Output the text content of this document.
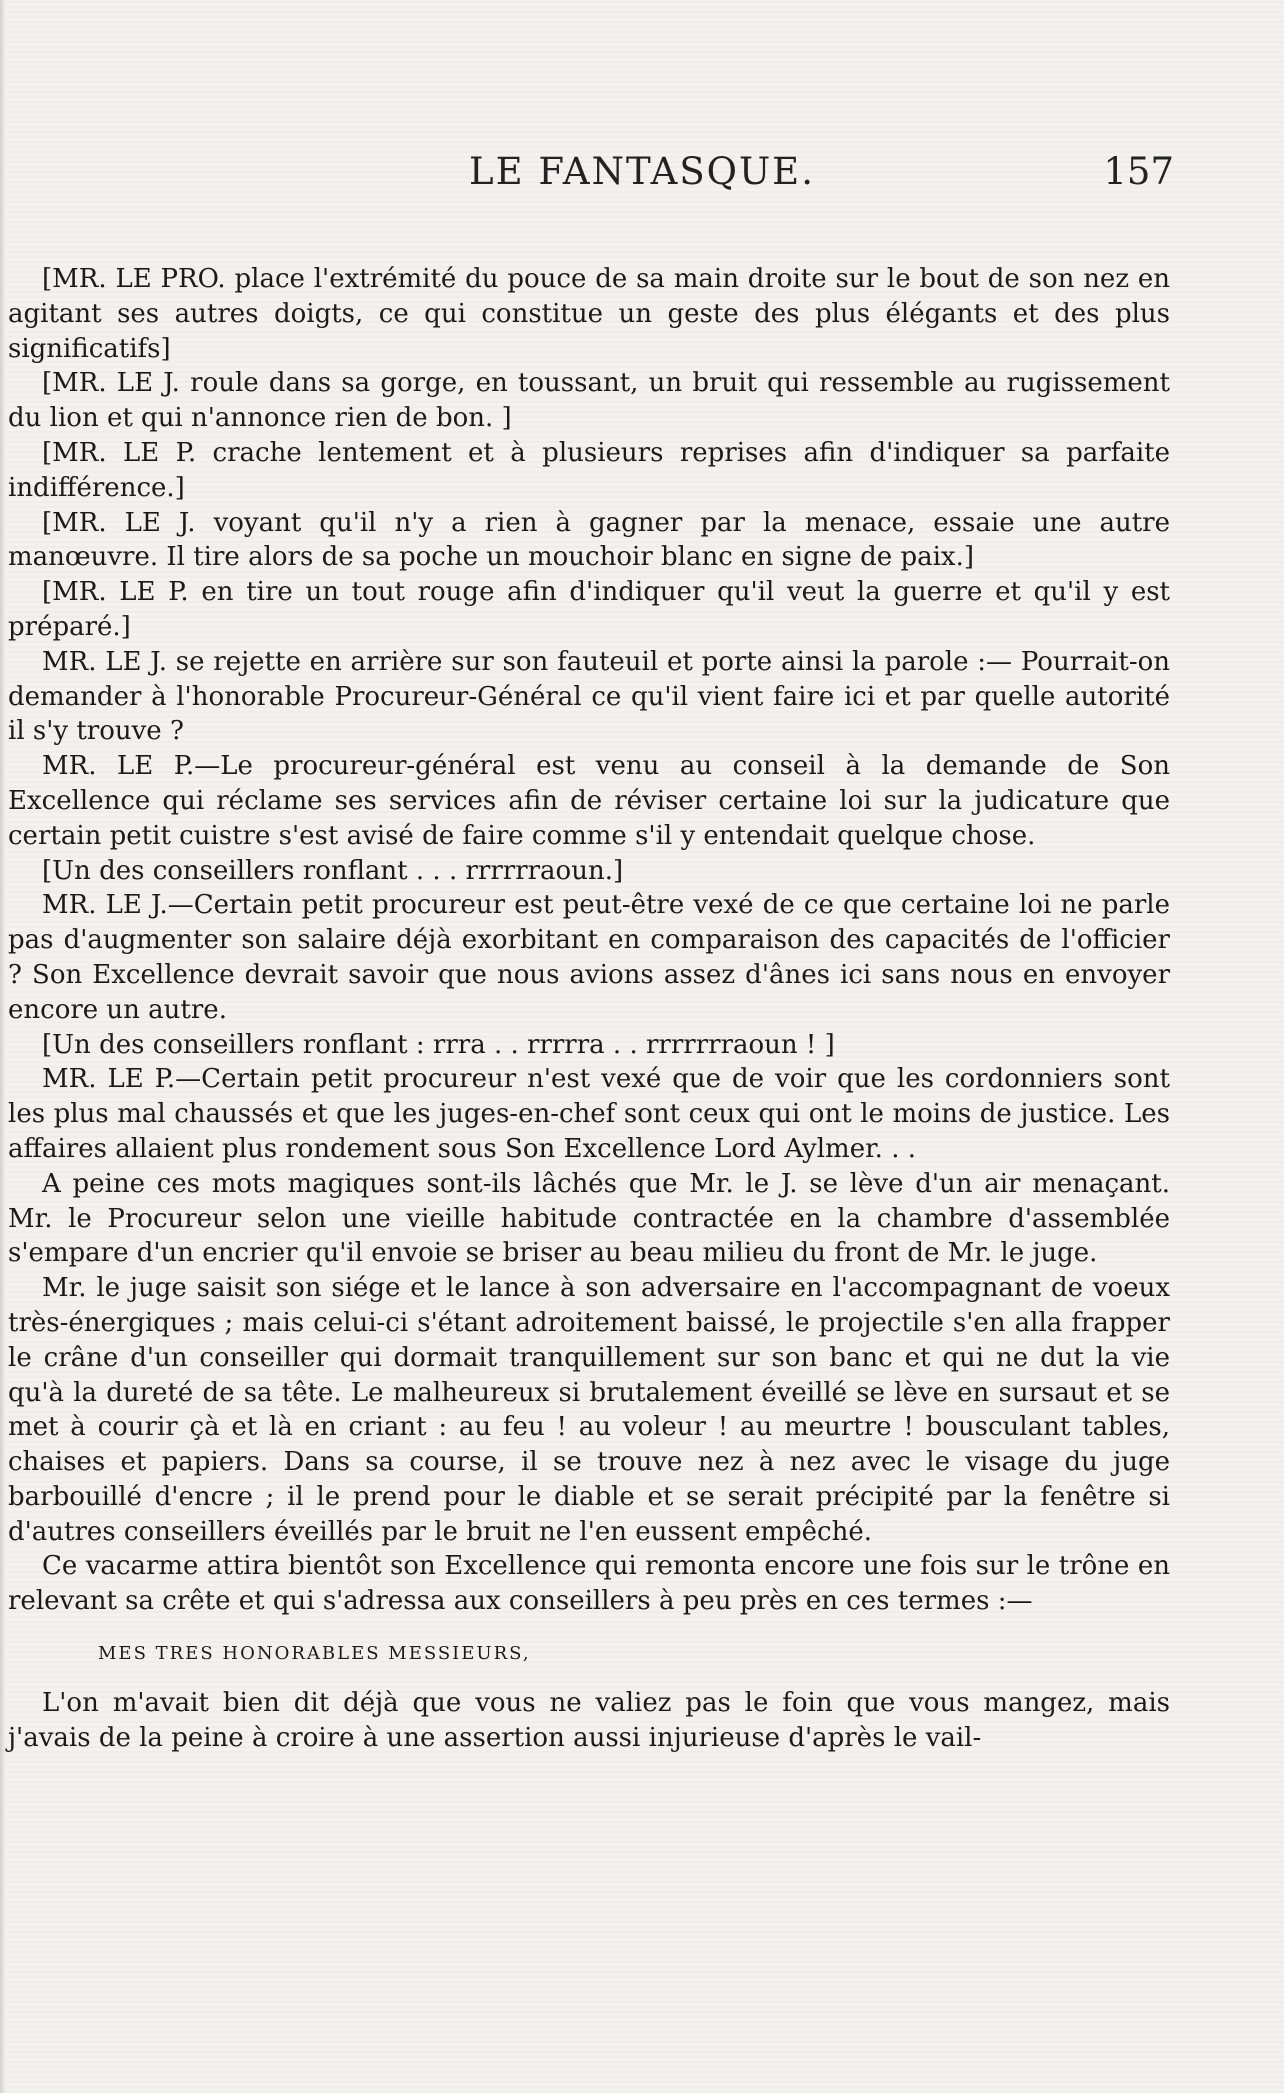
LE FANTASQUE.	157

[MR. LE PRO. place l'extrémité du pouce de sa main droite sur le bout de son nez en agitant ses autres doigts, ce qui constitue un geste des plus élégants et des plus significatifs]

[MR. LE J. roule dans sa gorge, en toussant, un bruit qui ressemble au rugissement du lion et qui n'annonce rien de bon. ]

[MR. LE P. crache lentement et à plusieurs reprises afin d'indiquer sa parfaite indifférence.]

[MR. LE J. voyant qu'il n'y a rien à gagner par la menace, essaie une autre manœuvre. Il tire alors de sa poche un mouchoir blanc en signe de paix.]

[MR. LE P. en tire un tout rouge afin d'indiquer qu'il veut la guerre et qu'il y est préparé.]

MR. LE J. se rejette en arrière sur son fauteuil et porte ainsi la parole :— Pourrait-on demander à l'honorable Procureur-Général ce qu'il vient faire ici et par quelle autorité il s'y trouve ?

MR. LE P.—Le procureur-général est venu au conseil à la demande de Son Excellence qui réclame ses services afin de réviser certaine loi sur la judicature que certain petit cuistre s'est avisé de faire comme s'il y entendait quelque chose.

[Un des conseillers ronflant . . . rrrrrraoun.]

MR. LE J.—Certain petit procureur est peut-être vexé de ce que certaine loi ne parle pas d'augmenter son salaire déjà exorbitant en comparaison des capacités de l'officier ? Son Excellence devrait savoir que nous avions assez d'ânes ici sans nous en envoyer encore un autre.

[Un des conseillers ronflant : rrra . . rrrrra . . rrrrrrraoun ! ]

MR. LE P.—Certain petit procureur n'est vexé que de voir que les cordonniers sont les plus mal chaussés et que les juges-en-chef sont ceux qui ont le moins de justice. Les affaires allaient plus rondement sous Son Excellence Lord Aylmer. . .

A peine ces mots magiques sont-ils lâchés que Mr. le J. se lève d'un air menaçant. Mr. le Procureur selon une vieille habitude contractée en la chambre d'assemblée s'empare d'un encrier qu'il envoie se briser au beau milieu du front de Mr. le juge.

Mr. le juge saisit son siége et le lance à son adversaire en l'accompagnant de voeux très-énergiques ; mais celui-ci s'étant adroitement baissé, le projectile s'en alla frapper le crâne d'un conseiller qui dormait tranquillement sur son banc et qui ne dut la vie qu'à la dureté de sa tête. Le malheureux si brutalement éveillé se lève en sursaut et se met à courir çà et là en criant : au feu ! au voleur ! au meurtre ! bousculant tables, chaises et papiers. Dans sa course, il se trouve nez à nez avec le visage du juge barbouillé d'encre ; il le prend pour le diable et se serait précipité par la fenêtre si d'autres conseillers éveillés par le bruit ne l'en eussent empêché.

Ce vacarme attira bientôt son Excellence qui remonta encore une fois sur le trône en relevant sa crête et qui s'adressa aux conseillers à peu près en ces termes :—

MES TRES HONORABLES MESSIEURS,

L'on m'avait bien dit déjà que vous ne valiez pas le foin que vous mangez, mais j'avais de la peine à croire à une assertion aussi injurieuse d'après le vail-
